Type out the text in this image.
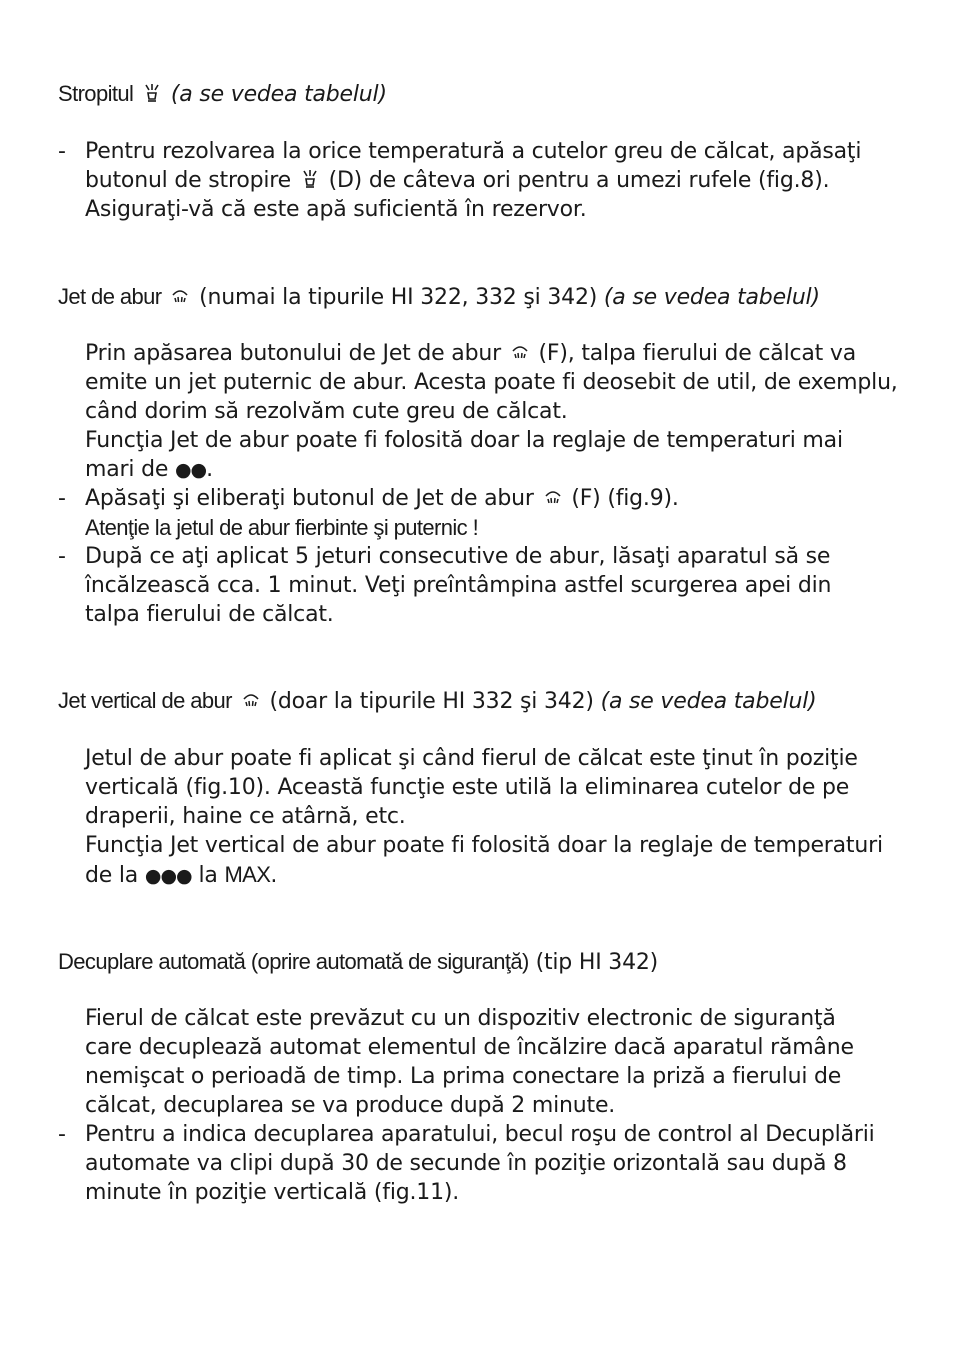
Stropitul (a se vedea tabelul)
- Pentru rezolvarea la orice temperatură a cutelor greu de călcat, apăsaţi
butonul de stropire (D) de câteva ori pentru a umezi rufele (fig.8).
Asiguraţi-vă că este apă suficientă în rezervor.
Jet de abur (numai la tipurile HI 322, 332 şi 342) (a se vedea tabelul)
Prin apăsarea butonului de Jet de abur (F), talpa fierului de călcat va
emite un jet puternic de abur. Acesta poate fi deosebit de util, de exemplu,
când dorim să rezolvăm cute greu de călcat.
Funcţia Jet de abur poate fi folosită doar la reglaje de temperaturi mai
mari de ●●.
- Apăsaţi şi eliberaţi butonul de Jet de abur (F) (fig.9).
Atenţie la jetul de abur fierbinte şi puternic !
- După ce aţi aplicat 5 jeturi consecutive de abur, lăsaţi aparatul să se
încălzească cca. 1 minut. Veţi preîntâmpina astfel scurgerea apei din
talpa fierului de călcat.
Jet vertical de abur (doar la tipurile HI 332 şi 342) (a se vedea tabelul)
Jetul de abur poate fi aplicat şi când fierul de călcat este ţinut în poziţie
verticală (fig.10). Această funcţie este utilă la eliminarea cutelor de pe
draperii, haine ce atârnă, etc.
Funcţia Jet vertical de abur poate fi folosită doar la reglaje de temperaturi
de la ●●● la MAX.
Decuplare automată (oprire automată de siguranţă) (tip HI 342)
Fierul de călcat este prevăzut cu un dispozitiv electronic de siguranţă
care decuplează automat elementul de încălzire dacă aparatul rămâne
nemişcat o perioadă de timp. La prima conectare la priză a fierului de
călcat, decuplarea se va produce după 2 minute.
- Pentru a indica decuplarea aparatului, becul roşu de control al Decuplării
automate va clipi după 30 de secunde în poziţie orizontală sau după 8
minute în poziţie verticală (fig.11).
